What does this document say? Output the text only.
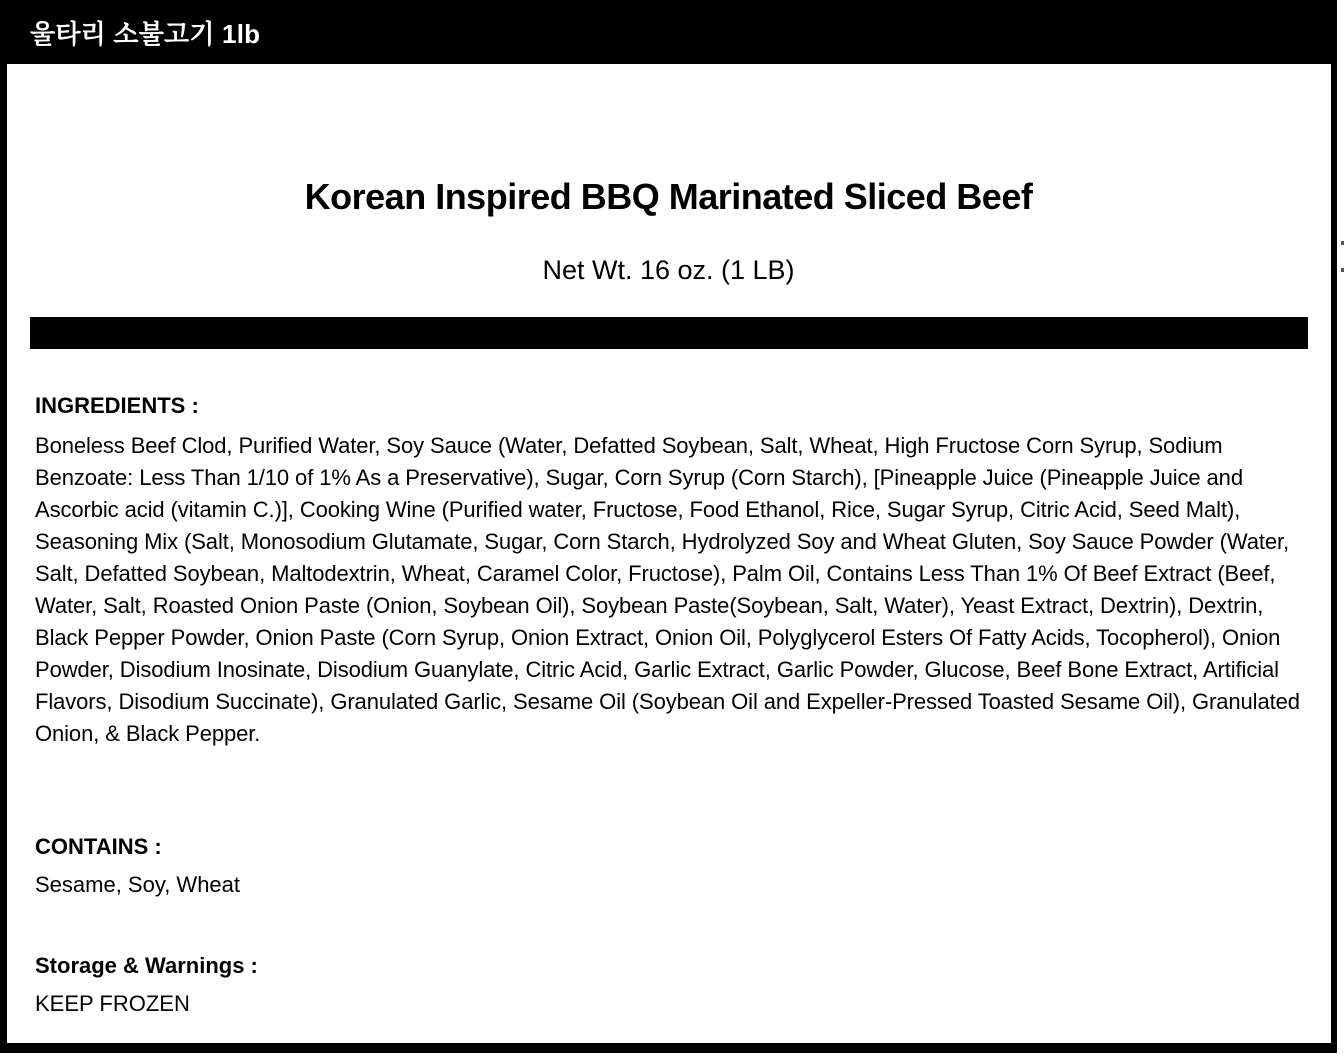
울타리 소불고기 1lb
Korean Inspired BBQ Marinated Sliced Beef
Net Wt. 16 oz. (1 LB)
INGREDIENTS :

Boneless Beef Clod, Purified Water, Soy Sauce (Water, Defatted Soybean, Salt, Wheat, High Fructose Corn Syrup, Sodium Benzoate: Less Than 1/10 of 1% As a Preservative), Sugar, Corn Syrup (Corn Starch), [Pineapple Juice (Pineapple Juice and Ascorbic acid (vitamin C.)], Cooking Wine (Purified water, Fructose, Food Ethanol, Rice, Sugar Syrup, Citric Acid, Seed Malt), Seasoning Mix (Salt, Monosodium Glutamate, Sugar, Corn Starch, Hydrolyzed Soy and Wheat Gluten, Soy Sauce Powder (Water, Salt, Defatted Soybean, Maltodextrin, Wheat, Caramel Color, Fructose), Palm Oil, Contains Less Than 1% Of Beef Extract (Beef, Water, Salt, Roasted Onion Paste (Onion, Soybean Oil), Soybean Paste(Soybean, Salt, Water), Yeast Extract, Dextrin), Dextrin, Black Pepper Powder, Onion Paste (Corn Syrup, Onion Extract, Onion Oil, Polyglycerol Esters Of Fatty Acids, Tocopherol), Onion Powder, Disodium Inosinate, Disodium Guanylate, Citric Acid, Garlic Extract, Garlic Powder, Glucose, Beef Bone Extract, Artificial Flavors, Disodium Succinate), Granulated Garlic, Sesame Oil (Soybean Oil and Expeller-Pressed Toasted Sesame Oil), Granulated Onion, & Black Pepper.

CONTAINS :

Sesame, Soy, Wheat

Storage & Warnings :

KEEP FROZEN
